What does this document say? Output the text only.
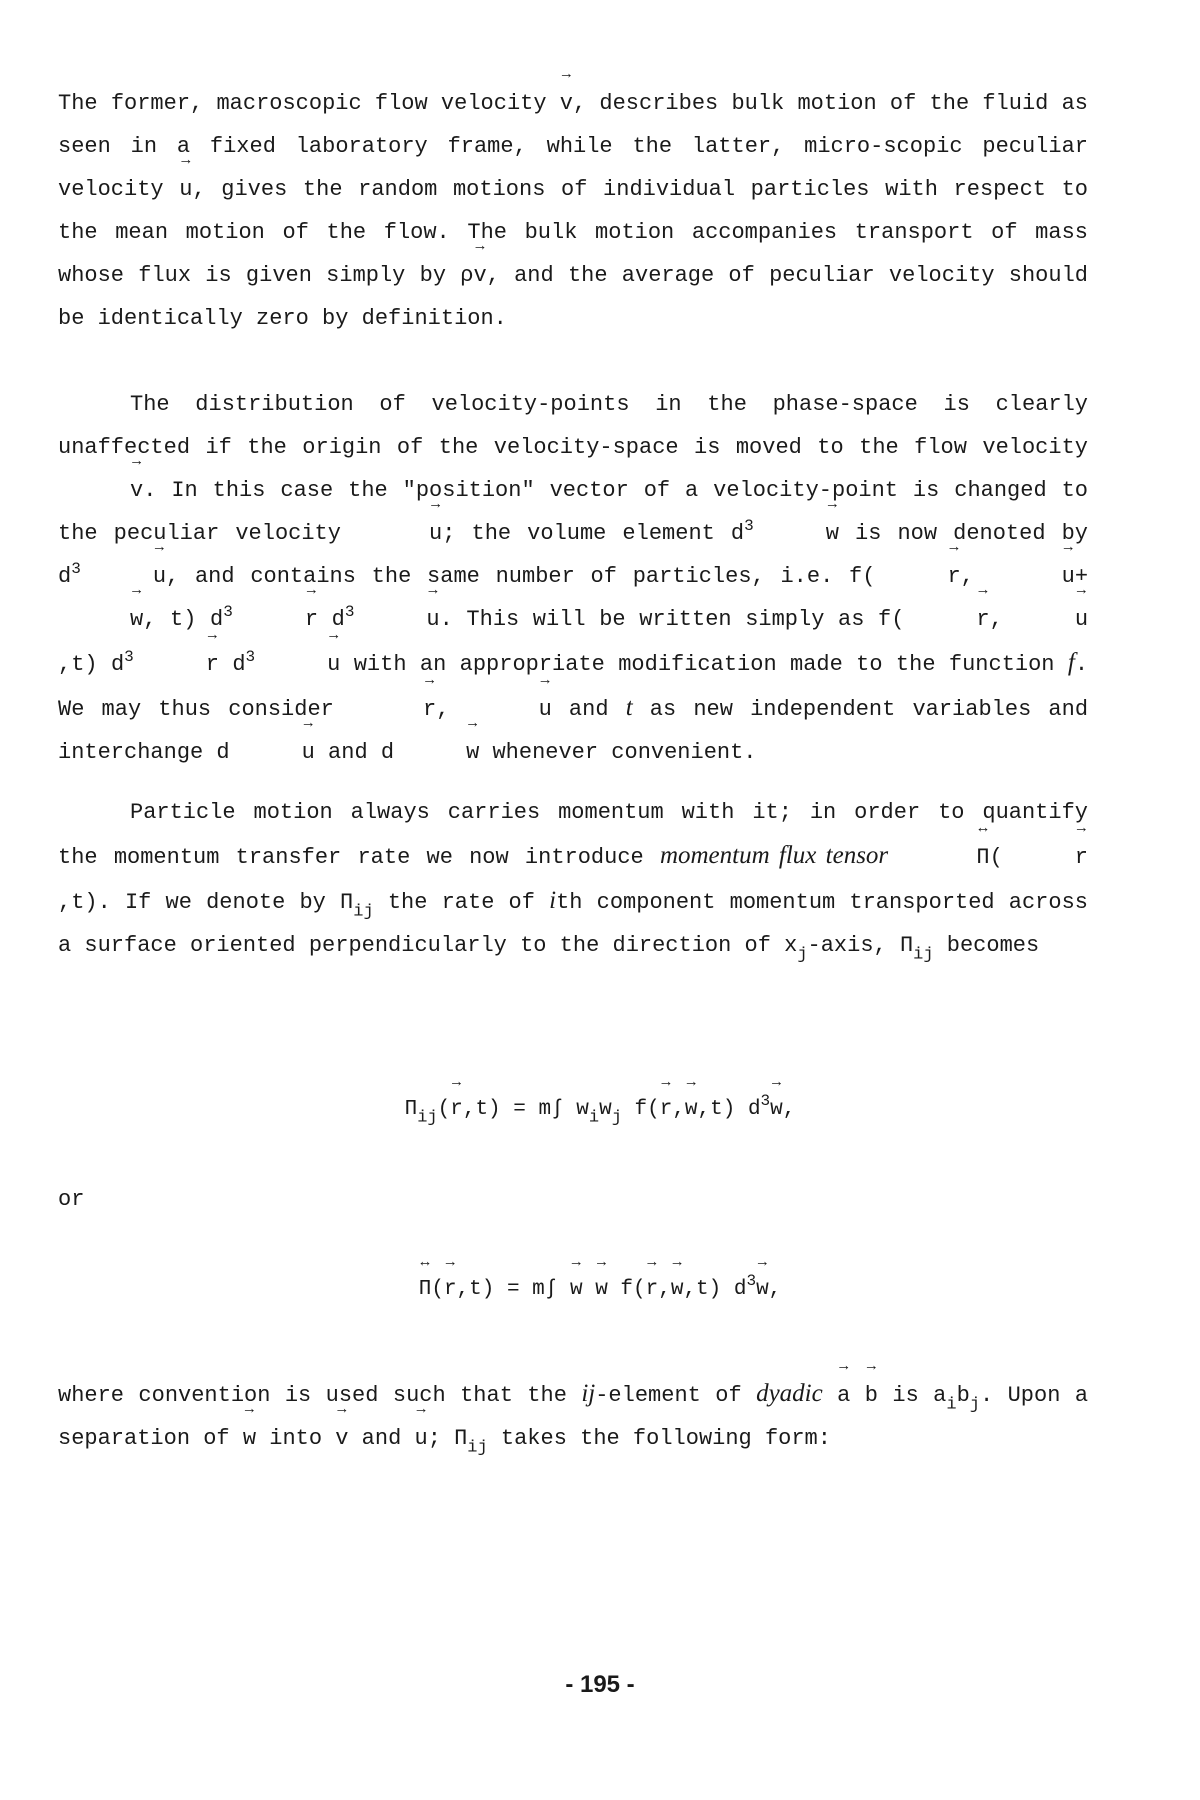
The former, macroscopic flow velocity → v, describes bulk motion of the fluid as seen in a fixed laboratory frame, while the latter, micro-scopic peculiar velocity → u, gives the random motions of individual particles with respect to the mean motion of the flow. The bulk motion accompanies transport of mass whose flux is given simply by ρ→ v, and the average of peculiar velocity should be identically zero by definition.

The distribution of velocity-points in the phase-space is clearly unaffected if the origin of the velocity-space is moved to the flow velocity → v. In this case the "position" vector of a velocity-point is changed to the peculiar velocity →	u; the volume element $d^3\to$	w is now denoted by $d^3\to$	u, and contains the same number of particles, i.e. f(→	r, →	u+→ w, t) $d^3\to$	r $d^3\to$	u. This will be written simply as f(→	r,→	u,t) $d^3\to$	r $d^3\to$	u with an appropriate modification made to the function f. We may thus consider →	r, →	u and t as new independent variables and interchange d→	u and d→	w whenever convenient.

Particle motion always carries momentum with it; in order to quantify the momentum transfer rate we now introduce momentum flux tensor ↔	Π(→	r,t). If we denote by $\Pi_{ij}$ the rate of ith component momentum transported across a surface oriented perpendicularly to the direction of $x_j$-axis, $\Pi_{ij}$ becomes

$\Pi_{ij}(\to r,t) = m\int$ $w_iw_j$ f(→ r,→ w,t) $d^3\to w$,
or
↔ Π(→ r,t) = m∫ → w → w f(→ r,→ w,t) $d^3\to w$,

where convention is used such that the ij-element of dyadic → a → b is $a_ib_j$. Upon a separation of → w into → v and → u; $\Pi_{ij}$ takes the following form:

- 195 -
